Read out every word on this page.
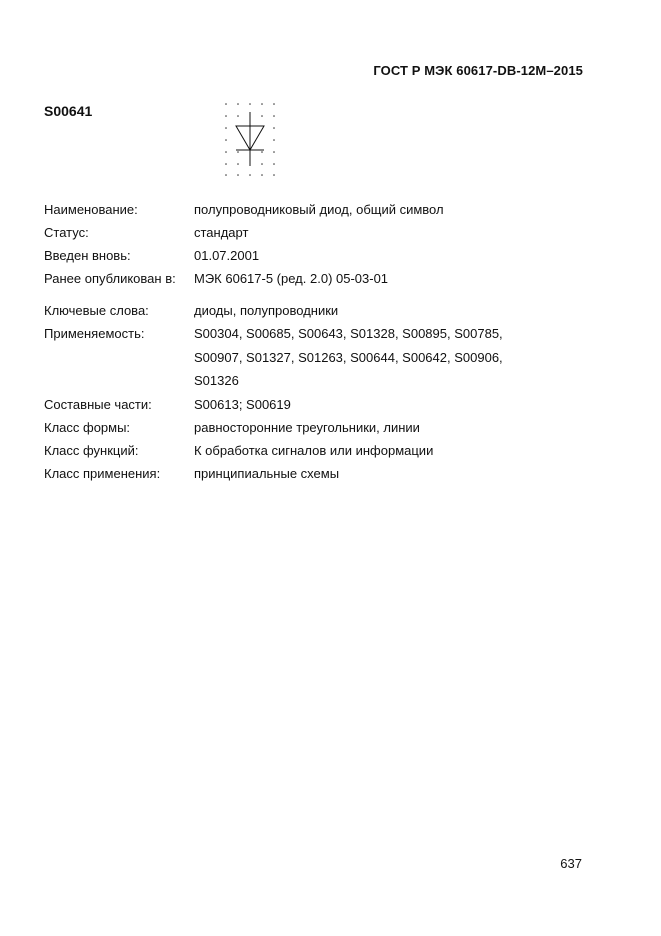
ГОСТ Р МЭК 60617-DB-12M–2015
S00641
Наименование:	полупроводниковый диод, общий символ
Статус:	стандарт
Введен вновь:	01.07.2001
Ранее опубликован в:	МЭК 60617-5 (ред. 2.0) 05-03-01
Ключевые слова:	диоды, полупроводники
Применяемость:	S00304, S00685, S00643, S01328, S00895, S00785,
S00907, S01327, S01263, S00644, S00642, S00906,
S01326
Составные части:	S00613; S00619
Класс формы:	равносторонние треугольники, линии
Класс функций:	К обработка сигналов или информации
Класс применения:	принципиальные схемы
637
